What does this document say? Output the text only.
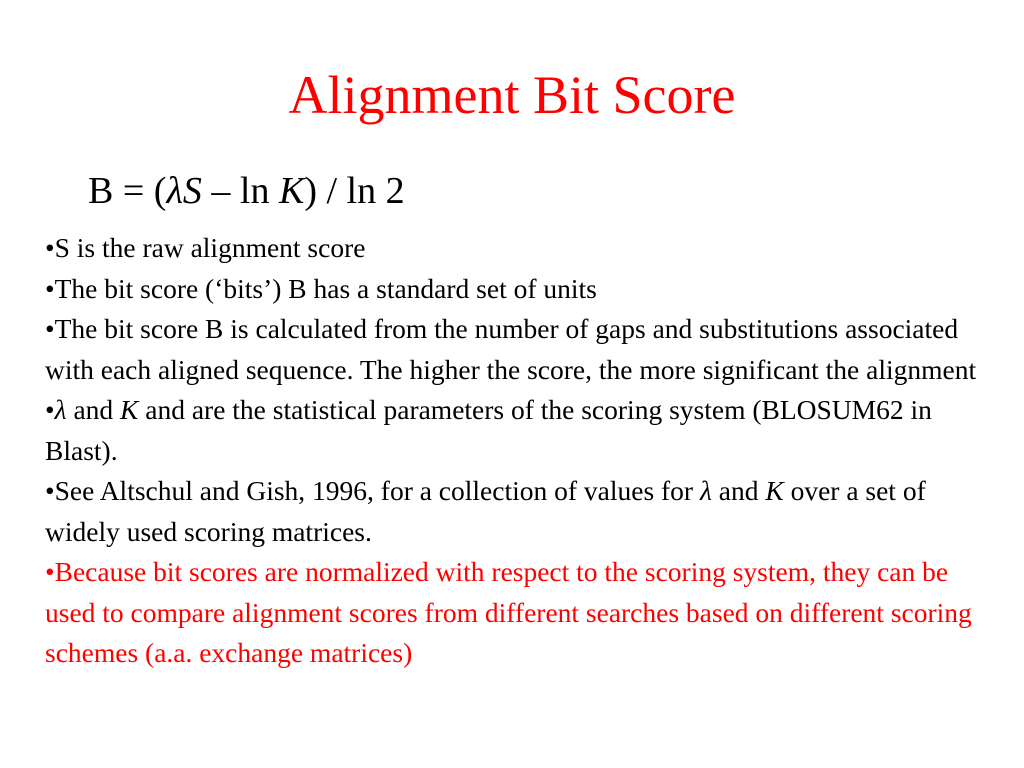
Alignment Bit Score
B = (λS – ln K) / ln 2

•S is the raw alignment score

•The bit score (‘bits’) B has a standard set of units

•The bit score B is calculated from the number of gaps and substitutions associated with each aligned sequence. The higher the score, the more significant the alignment

•λ and K and are the statistical parameters of the scoring system (BLOSUM62 in Blast).

•See Altschul and Gish, 1996, for a collection of values for λ and K over a set of widely used scoring matrices.

•Because bit scores are normalized with respect to the scoring system, they can be used to compare alignment scores from different searches based on different scoring schemes (a.a. exchange matrices)
